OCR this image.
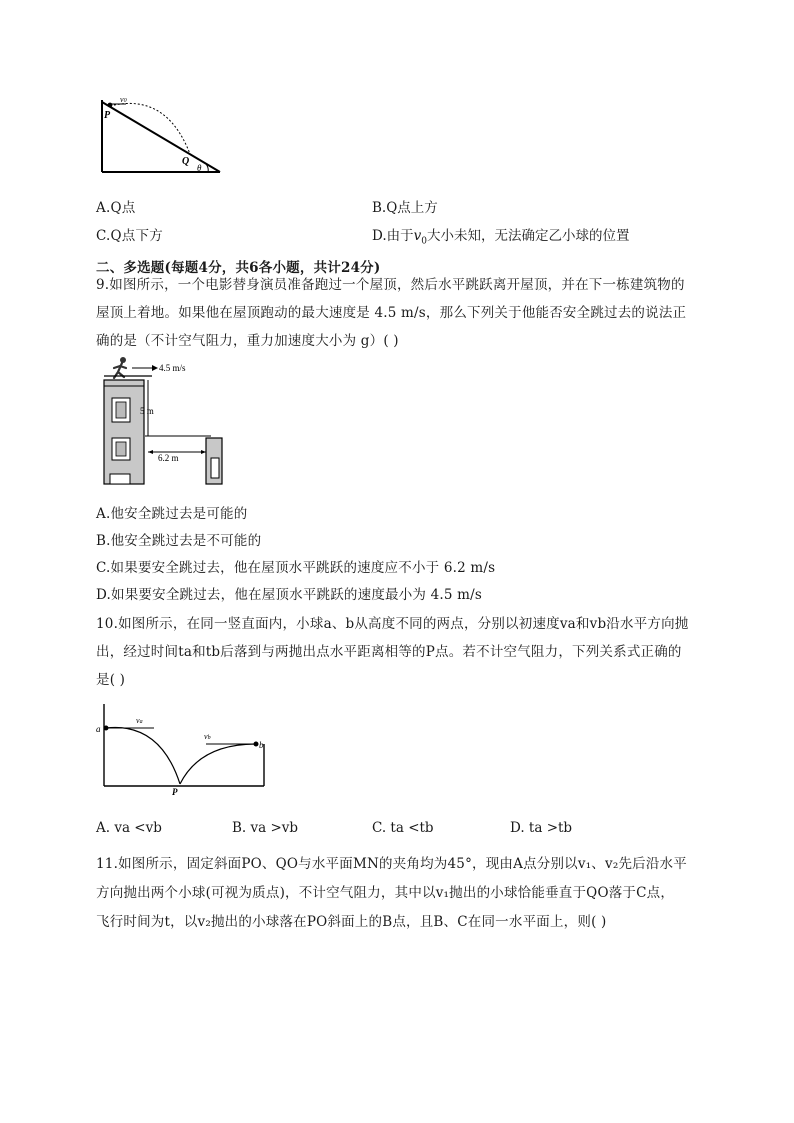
v0
P
Q
θ
A.Q点	B.Q点上方
C.Q点下方	D.由于$v_0$大小未知，无法确定乙小球的位置
二、多选题(每题4分，共6各小题，共计24分)
9.如图所示，一个电影替身演员准备跑过一个屋顶，然后水平跳跃离开屋顶，并在下一栋建筑物的
屋顶上着地。如果他在屋顶跑动的最大速度是 4.5 m/s，那么下列关于他能否安全跳过去的说法正
确的是（不计空气阻力，重力加速度大小为 g）( )
4.5 m/s
5 m
6.2 m
A.他安全跳过去是可能的
B.他安全跳过去是不可能的
C.如果要安全跳过去，他在屋顶水平跳跃的速度应不小于 6.2 m/s
D.如果要安全跳过去，他在屋顶水平跳跃的速度最小为 4.5 m/s
10.如图所示，在同一竖直面内，小球a、b从高度不同的两点，分别以初速度va和vb沿水平方向抛
出，经过时间ta和tb后落到与两抛出点水平距离相等的P点。若不计空气阻力，下列关系式正确的
是( )
a
b
va
vb
P
A. va <vb	B. va >vb	C. ta <tb	D. ta >tb
11.如图所示，固定斜面PO、QO与水平面MN的夹角均为45°，现由A点分别以v₁、v₂先后沿水平
方向抛出两个小球(可视为质点)，不计空气阻力，其中以v₁抛出的小球恰能垂直于QO落于C点，
飞行时间为t，以v₂抛出的小球落在PO斜面上的B点，且B、C在同一水平面上，则( )
